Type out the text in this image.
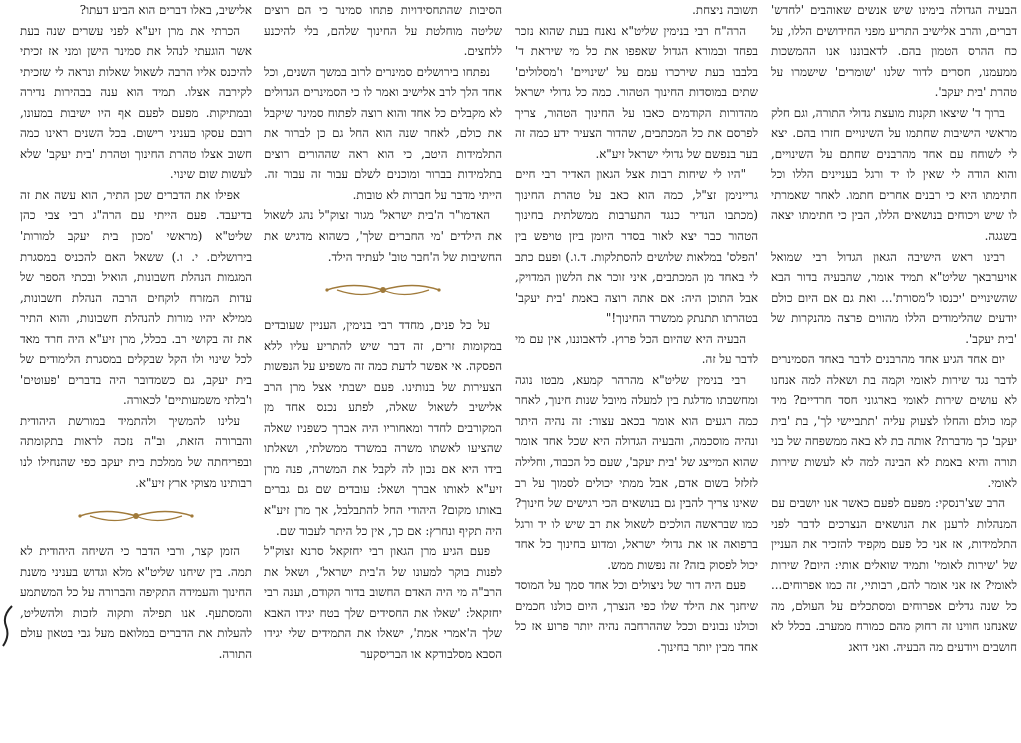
הבעיה הגדולה בימינו שיש אנשים שאוהבים 'לחדש' דברים, והרב אלישיב התריע מפני החידושים הללו, על כח ההרס הטמון בהם. לדאבוננו אנו ההמשכות ממעמנו, חסרים לדור שלנו 'שומרים' שישמרו על טהרת 'בית יעקב'.

ברוך ד' שיצאו תקנות מועצת גדולי התורה, וגם חלק מראשי הישיבות שחתמו על השינויים חזרו בהם. יצא לי לשוחח עם אחד מהרבנים שחתם על השינויים, והוא הודה לי שאין לו יד ורגל בעניינים הללו וכל חתימתו היא כי רבנים אחרים חתמו. לאחר שאמרתי לו שיש ויכוחים בנושאים הללו, הבין כי חתימתו יצאה בשגגה.

רבינו ראש הישיבה הגאון הגדול רבי שמואל אויערבאך שליט"א תמיד אומר, שהבעיה בדור הבא שהשינויים 'יכנסו ל'מסורת'... ואת גם אם היום כולם יודעים שהלימודים הללו מהווים פרצה מהנקרות של 'בית יעקב'.

יום אחד הגיע אחד מהרבנים לדבר באחד הסמינרים לדבר נגד שירות לאומי וקמה בת ושאלה למה אנחנו לא עושים שירות לאומי בארגוני חסד חרדיים? מיד קמו כולם והחלו לצעוק עליה 'תתביישי לך', בת 'בית יעקב' כך מדברת? אותה בת לא באה ממשפחה של בני תורה והיא באמת לא הבינה למה לא לעשות שירות לאומי.

הרב שצ'רנסקי: מפעם לפעם כאשר אנו יושבים עם המנהלות לרענן את הנושאים הנצרכים לדבר לפני התלמידות, אז אני כל פעם מקפיד להזכיר את העניין של 'שירות לאומי' ותמיד שואלים אותי: היום? שירות לאומי? אז אני אומר להם, רבותיי, זה כמו אפרוחים... כל שנה גדלים אפרוחים ומסתכלים על העולם, מה שאנחנו חווינו זה רחוק מהם כמורח ממערב. בכלל לא חושבים ויודעים מה הבעיה. ואני דואג

תשובה ניצחת.

הרה"ח רבי בנימין שליט"א נאנח בעת שהוא נזכר בפחד ובמורא הגדול שאפפו את כל מי שיראת ד' בלבבו בעת שירכרו עמם על 'שינויים' ו'מסלולים' שתים במוסדות החינוך הטהור. כמה כל גדולי ישראל מהדורות הקודמים כאבו על החינוך הטהור, צריך לפרסם את כל המכתבים, שהדור הצעיר ידע כמה זה בער בנפשם של גדולי ישראל זיע"א.

"היו לי שיחות רבות אצל הגאון האדיר רבי חיים גריינימן זצ"ל, כמה הוא כאב על טהרת החינוך (מכתבו הנדיר כנגד התערבות ממשלתית בחינוך הטהור כבר יצא לאור בסדר היומן ביזן טויפש בין 'הפלס' במלאות שלושים להסתלקות. ד.ו.) ופעם כתב לי באחד מן המכתבים, איני זוכר את הלשון המדויק, אבל התוכן היה: אם אתה רוצה באמת 'בית יעקב' בטהרתו תתנתק ממשרד החינוך!"

הבעיה היא שהיום הכל פרוץ. לדאבוננו, אין עם מי לדבר על זה.

רבי בנימין שליט"א מהרהר קמעא, מבטו נוגה ומחשבתו מדלגת בין למעלה מיובל שנות חינוך, לאחר כמה רגעים הוא אומר בכאב עצור: זה נהיה היתר ונהיה מוסכמה, והבעיה הגדולה היא שכל אחד אומר שהוא המייצג של 'בית יעקב', שעם כל הכבוד, וחלילה לזלזל בשום אדם, אבל ממתי יכולים לסמוך על רב שאינו צריך להבין גם בנושאים הכי רגישים של חינוך? כמו שבראשה הולכים לשאול את רב שיש לו יד ורגל ברפואה או את גדולי ישראל, ומדוע בחינוך כל אחד יכול לפסוק בזה? זה נפשות ממש.

פעם היה דור של ניצולים וכל אחד סמך על המוסד שיחנך את הילד שלו כפי הנצרך, היום כולנו חכמים וכולנו נבונים וככל שההרחבה נהיה יותר פרוע אז כל אחד מבין יותר בחינוך.

הסיבות שהתחסידויות פתחו סמינר כי הם רוצים שליטה מוחלטת על החינוך שלהם, בלי להיכנע ללחצים.

נפתחו בירושלים סמינרים לרוב במשך השנים, וכל אחד הלך לרב אלישיב ואמר לו כי הסמינרים הגדולים לא מקבלים כל אחד והוא רוצה לפתוח סמינר שיקבל את כולם, לאחר שנה הוא החל גם כן לברור את התלמידות היטב, כי הוא ראה שההורים רוצים בתלמידות בברור ומוכנים לשלם עבור זה עבור זה. הייתי מדבר על חברות לא טובות.

האדמו"ר ה'בית ישראל' מגור זצוק"ל נהג לשאול את הילדים 'מי החברים שלך', כשהוא מדגיש את החשיבות של ה'חבר טוב' לעתיד הילד.

על כל פנים, מחדד רבי בנימין, העניין שעובדים במקומות זרים, זה דבר שיש להתריע עליו ללא הפסקה. אי אפשר לדעת כמה זה משפיע על הנפשות הצעירות של בנותינו. פעם ישבתי אצל מרן הרב אלישיב לשאול שאלה, לפתע נכנס אחד מן המקורבים לחדר ומאחוריו היה אברך כשפניו שאלה שהציעו לאשתו משרה במשרד ממשלתי, ושאלתו בידו היא אם נכון לה לקבל את המשרה, פנה מרן זיע"א לאותו אברך ושאל: עובדים שם גם גברים באותו מקום? היהודי החל להתבלבל, אך מרן זיע"א היה תקיף ונחרץ: אם כך, אין כל היתר לעבוד שם.

פעם הגיע מרן הגאון רבי יחזקאל סרנא זצוק"ל לפנות בוקר למעונו של ה'בית ישראל', ושאל את הרב"ה מי היה האדם החשוב בדור הקודם, וענה רבי יחזקאל: 'שאלו את החסידים שלך בטח יגידו האבא שלך ה'אמרי אמת', ישאלו את התמידים שלי יגידו הסבא מסלבודקא או הבריסקער

אלישיב, באלו דברים הוא הביע דעתו?

הכרתי את מרן זיע"א לפני עשרים שנה בעת אשר הוגעתי לנהל את סמינר הישן ומני אז זכיתי להיכנס אליו הרבה לשאול שאלות ונראה לי שזכיתי לקירבה אצלו. תמיד הוא ענה בבהירות נדירה ובמתיקות. מפעם לפעם אף היו ישיבות במעונו, רובם עסקו בעניני רישום. בכל השנים ראינו כמה חשוב אצלו טהרת החינוך וטהרת 'בית יעקב' שלא לעשות שום שינוי.

אפילו את הדברים שכן התיר, הוא עשה את זה בדיעבד. פעם הייתי עם הרה"ג רבי צבי כהן שליט"א (מראשי 'מכון בית יעקב למורות' בירושלים. י. ו.) ששאל האם להכניס במסגרת המגמות הנהלת חשבונות, הואיל ובכתי הספר של עדות המזרח לוקחים הרבה הנהלת חשבונות, ממילא יהיו מורות להנהלת חשבונות, והוא התיר את זה בקושי רב. בכלל, מרן זיע"א היה חרד מאד לכל שינוי ולו הקל שבקלים במסגרת הלימודים של בית יעקב, גם כשמדובר היה בדברים 'פעוטים' ו'בלתי משמעותיים' לכאורה.

עלינו להמשיך ולהתמיד במורשת היהודית והברורה הזאת, וב"ה נזכה לראות בתקומתה ובפריחתה של ממלכת בית יעקב כפי שהנחילו לנו רבותינו מצוקי ארץ זיע"א.

הזמן קצר, ורבי הדבר כי השיחה היהודית לא תמה. בין שיחנו שליט"א מלא וגדוש בעניני משנת החינוך והעמידה התקיפה והברורה על כל המשתמע והמסתעף. אנו תפילה ותקוה לזכות ולהשליט, להעלות את הדברים במלואם מעל גבי בטאון עולם התורה.
